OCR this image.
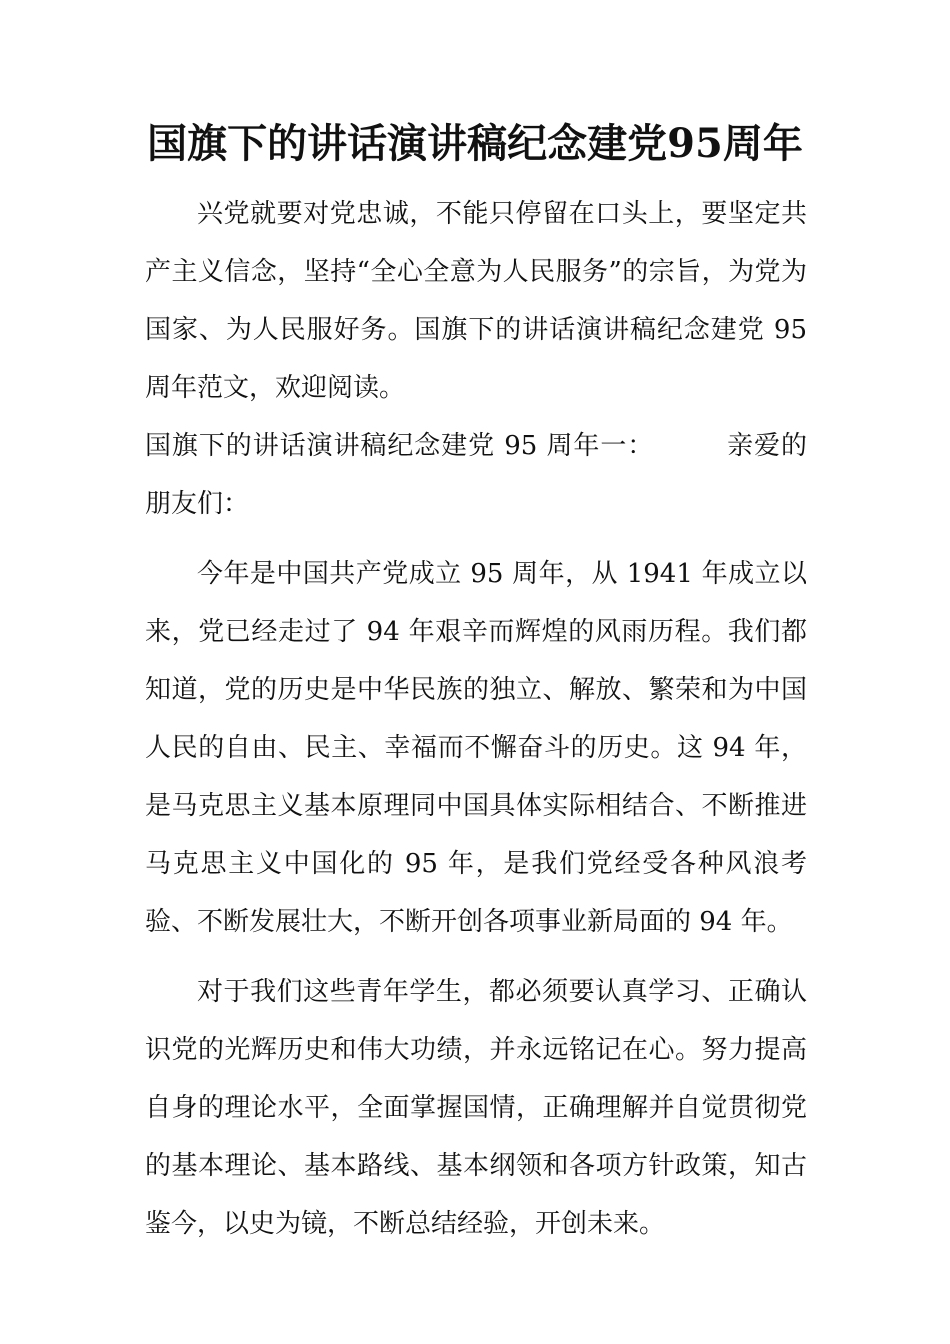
国旗下的讲话演讲稿纪念建党95周年

兴党就要对党忠诚，不能只停留在口头上，要坚定共产主义信念，坚持“全心全意为人民服务”的宗旨，为党为国家、为人民服好务。国旗下的讲话演讲稿纪念建党 95 周年范文，欢迎阅读。

国旗下的讲话演讲稿纪念建党 95 周年一：	亲爱的朋友们：

今年是中国共产党成立 95 周年，从 1941 年成立以来，党已经走过了 94 年艰辛而辉煌的风雨历程。我们都知道，党的历史是中华民族的独立、解放、繁荣和为中国人民的自由、民主、幸福而不懈奋斗的历史。这 94 年，是马克思主义基本原理同中国具体实际相结合、不断推进马克思主义中国化的 95 年，是我们党经受各种风浪考验、不断发展壮大，不断开创各项事业新局面的 94 年。

对于我们这些青年学生，都必须要认真学习、正确认识党的光辉历史和伟大功绩，并永远铭记在心。努力提高自身的理论水平，全面掌握国情，正确理解并自觉贯彻党的基本理论、基本路线、基本纲领和各项方针政策，知古鉴今，以史为镜，不断总结经验，开创未来。
